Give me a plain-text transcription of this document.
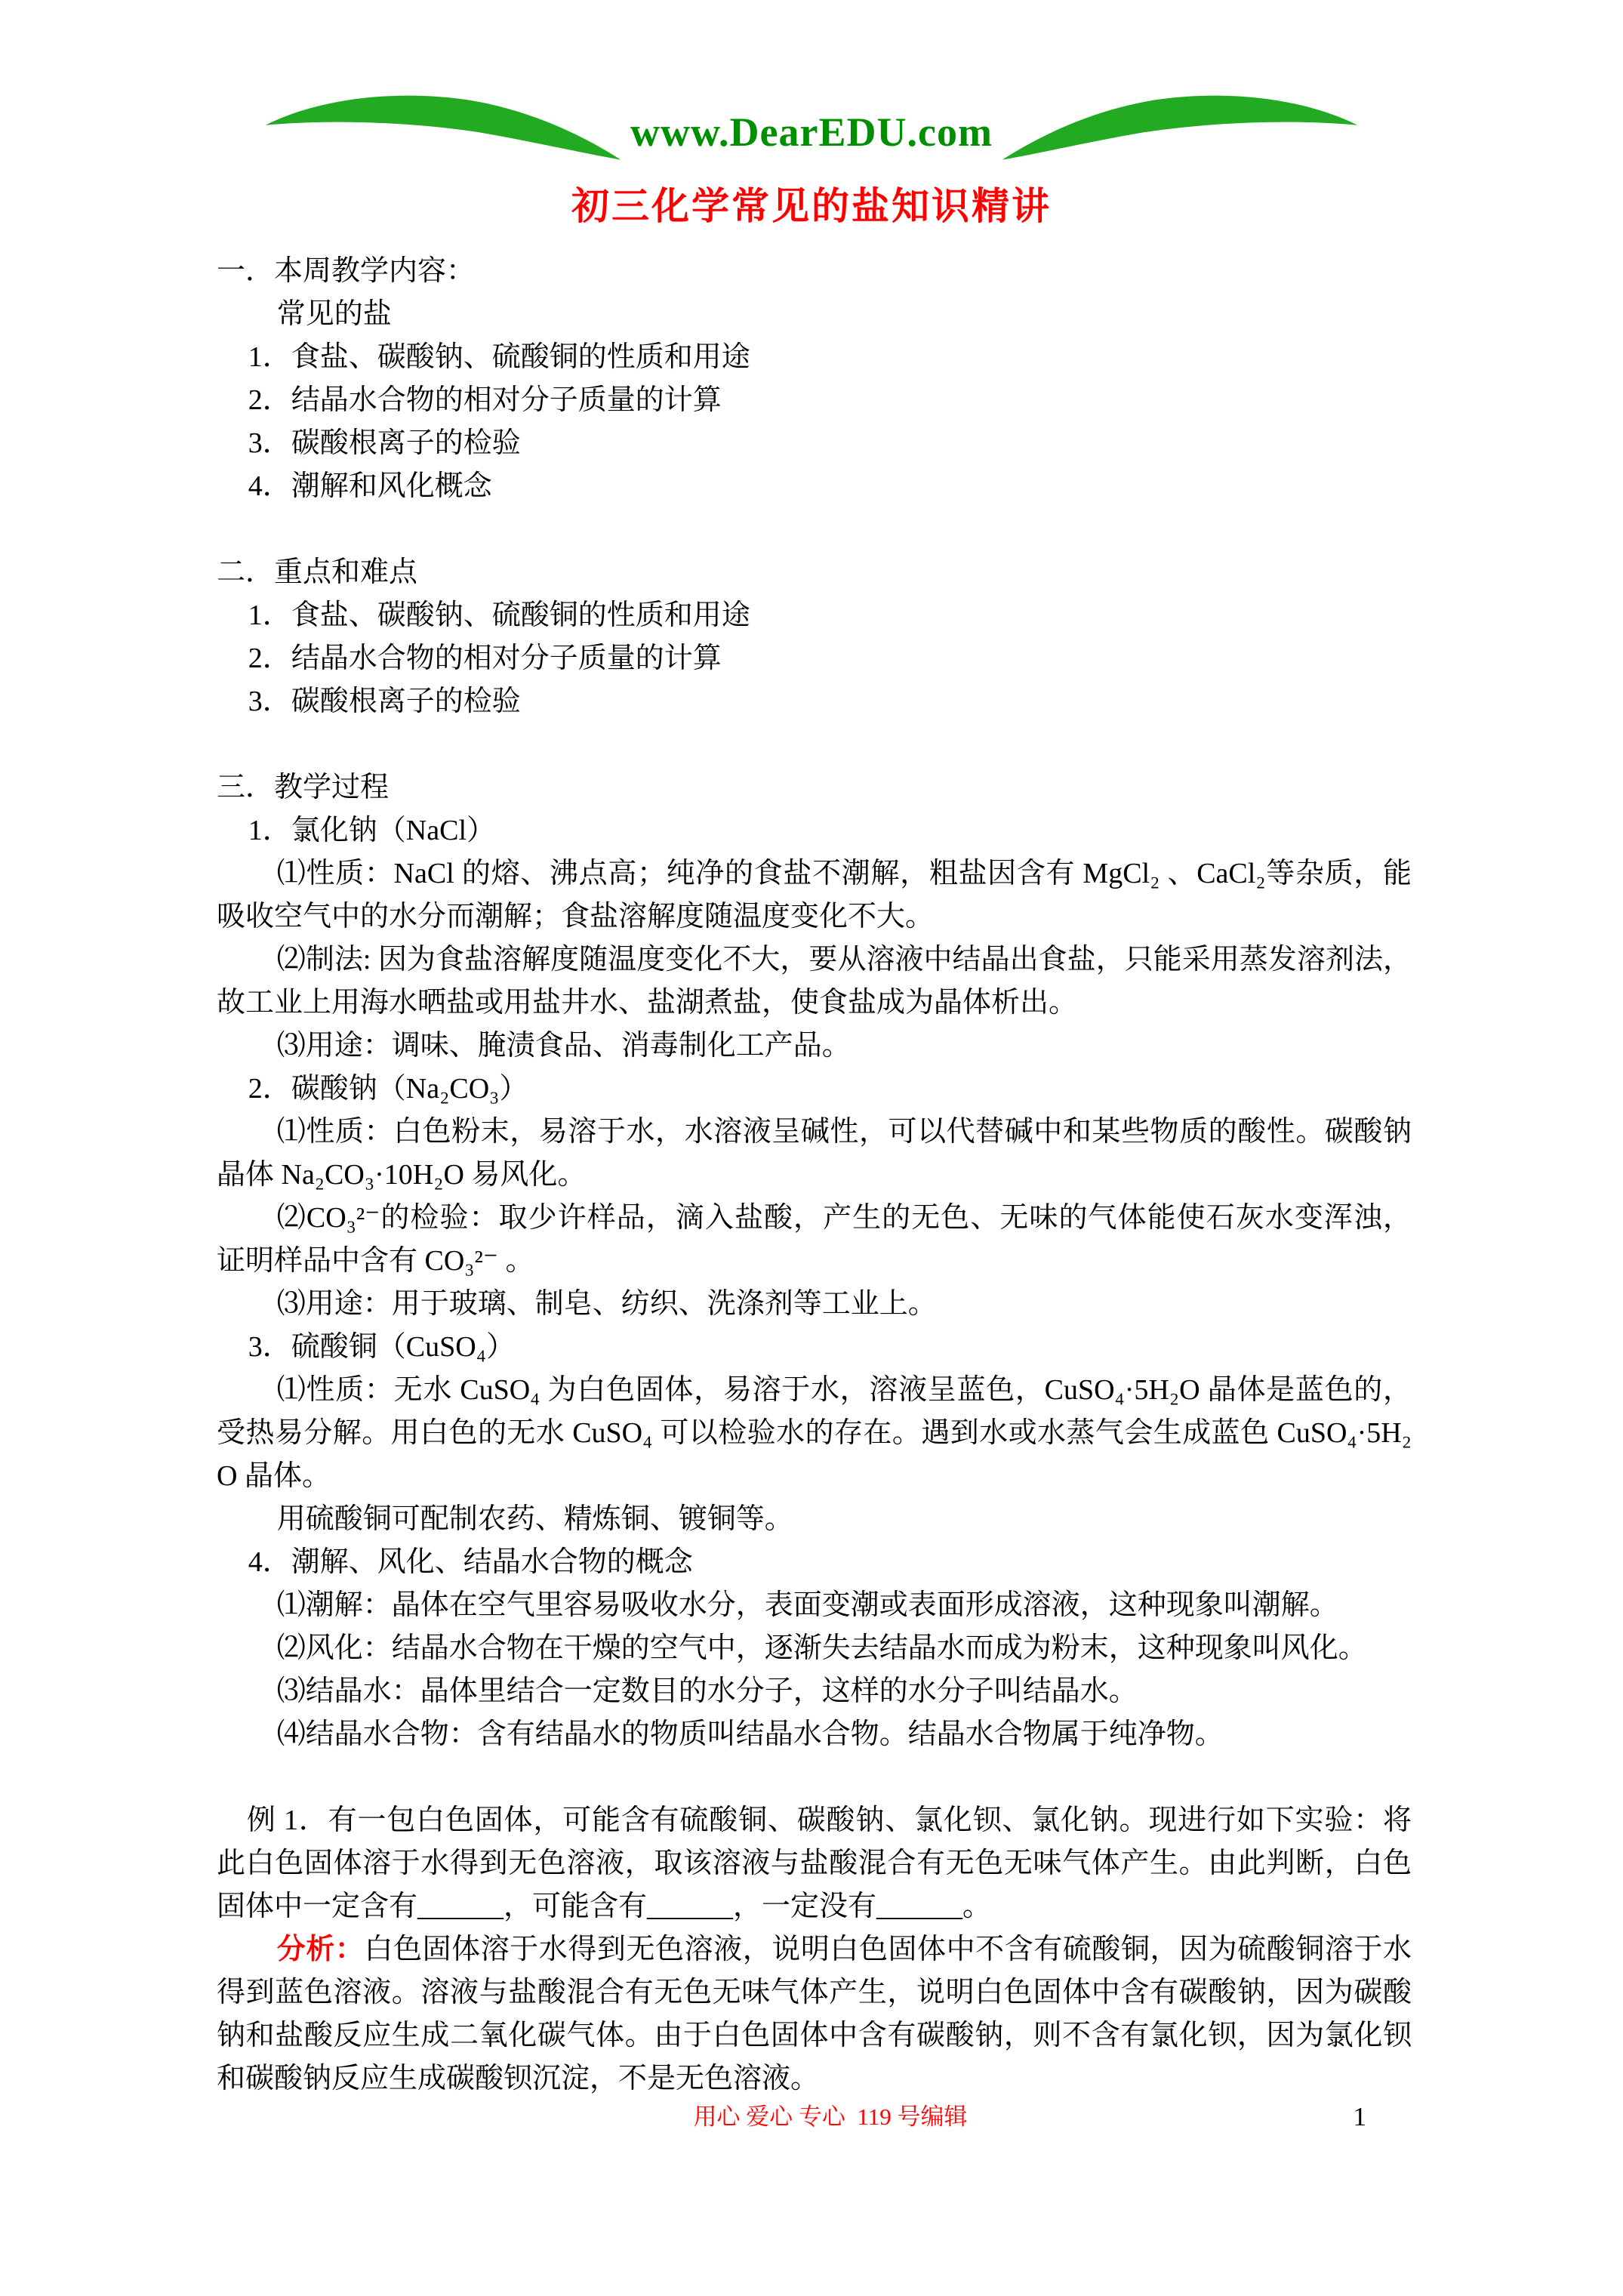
www.DearEDU.com
初三化学常见的盐知识精讲

一．本周教学内容：

常见的盐

1．食盐、碳酸钠、硫酸铜的性质和用途

2．结晶水合物的相对分子质量的计算

3．碳酸根离子的检验

4．潮解和风化概念

二．重点和难点

1．食盐、碳酸钠、硫酸铜的性质和用途

2．结晶水合物的相对分子质量的计算

3．碳酸根离子的检验

三．教学过程

1．氯化钠（NaCl）

⑴性质：NaCl 的熔、沸点高；纯净的食盐不潮解，粗盐因含有 MgCl₂ 、CaCl₂等杂质，能吸收空气中的水分而潮解；食盐溶解度随温度变化不大。

⑵制法: 因为食盐溶解度随温度变化不大，要从溶液中结晶出食盐，只能采用蒸发溶剂法，故工业上用海水晒盐或用盐井水、盐湖煮盐，使食盐成为晶体析出。

⑶用途：调味、腌渍食品、消毒制化工产品。

2．碳酸钠（Na₂CO₃）

⑴性质：白色粉末，易溶于水，水溶液呈碱性，可以代替碱中和某些物质的酸性。碳酸钠晶体 Na₂CO₃·10H₂O 易风化。

⑵CO₃²⁻的检验：取少许样品，滴入盐酸，产生的无色、无味的气体能使石灰水变浑浊，证明样品中含有 CO₃²⁻ 。

⑶用途：用于玻璃、制皂、纺织、洗涤剂等工业上。

3．硫酸铜（CuSO₄）

⑴性质：无水 CuSO₄ 为白色固体，易溶于水，溶液呈蓝色，CuSO₄·5H₂O 晶体是蓝色的，受热易分解。用白色的无水 CuSO₄ 可以检验水的存在。遇到水或水蒸气会生成蓝色 CuSO₄·5H₂O 晶体。

用硫酸铜可配制农药、精炼铜、镀铜等。

4．潮解、风化、结晶水合物的概念

⑴潮解：晶体在空气里容易吸收水分，表面变潮或表面形成溶液，这种现象叫潮解。

⑵风化：结晶水合物在干燥的空气中，逐渐失去结晶水而成为粉末，这种现象叫风化。

⑶结晶水：晶体里结合一定数目的水分子，这样的水分子叫结晶水。

⑷结晶水合物：含有结晶水的物质叫结晶水合物。结晶水合物属于纯净物。

例 1．有一包白色固体，可能含有硫酸铜、碳酸钠、氯化钡、氯化钠。现进行如下实验：将此白色固体溶于水得到无色溶液，取该溶液与盐酸混合有无色无味气体产生。由此判断，白色固体中一定含有______，可能含有______，一定没有______。

分析：白色固体溶于水得到无色溶液，说明白色固体中不含有硫酸铜，因为硫酸铜溶于水得到蓝色溶液。溶液与盐酸混合有无色无味气体产生，说明白色固体中含有碳酸钠，因为碳酸钠和盐酸反应生成二氧化碳气体。由于白色固体中含有碳酸钠，则不含有氯化钡，因为氯化钡和碳酸钠反应生成碳酸钡沉淀，不是无色溶液。

用心 爱心 专心  119 号编辑	1
